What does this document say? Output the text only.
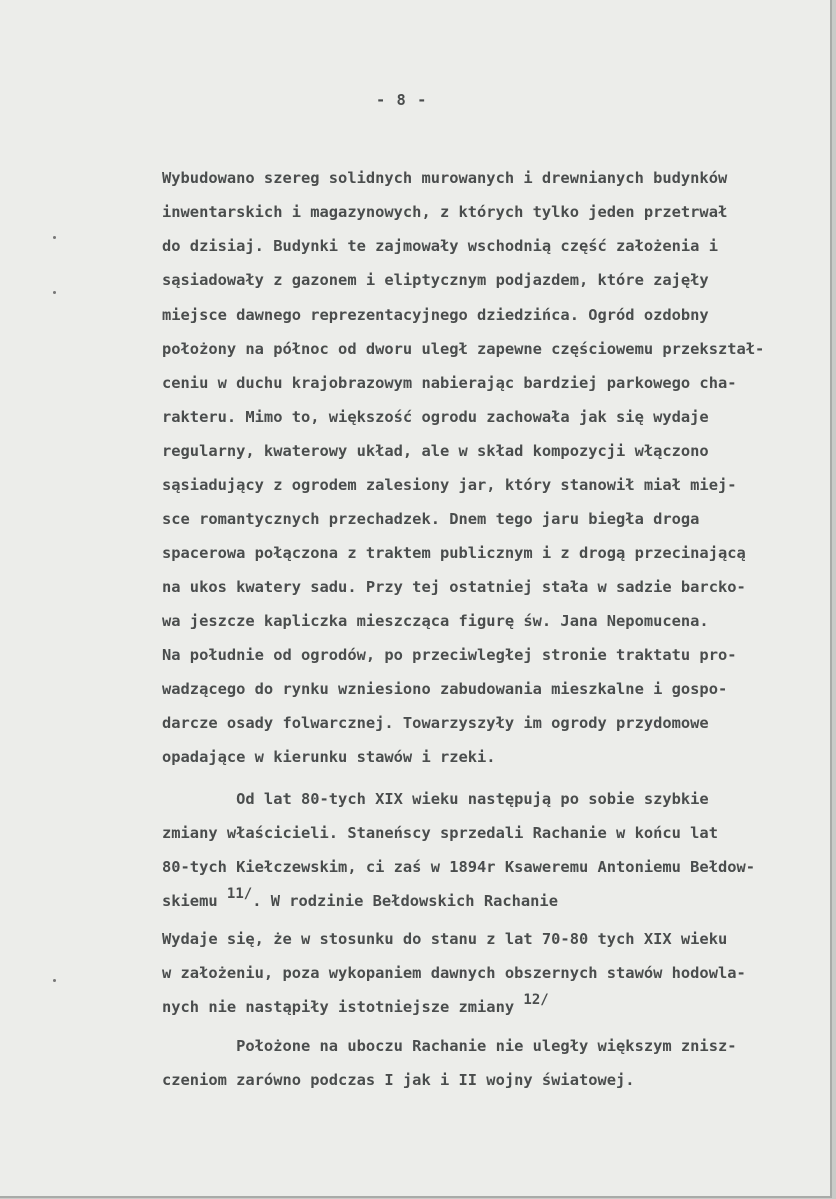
- 8 -
Wybudowano szereg solidnych murowanych i drewnianych budynków
inwentarskich i magazynowych, z których tylko jeden przetrwał
do dzisiaj. Budynki te zajmowały wschodnią część założenia i
sąsiadowały z gazonem i eliptycznym podjazdem, które zajęły
miejsce dawnego reprezentacyjnego dziedzińca. Ogród ozdobny
położony na północ od dworu uległ zapewne częściowemu przekształ-
ceniu w duchu krajobrazowym nabierając bardziej parkowego cha-
rakteru. Mimo to, większość ogrodu zachowała jak się wydaje
regularny, kwaterowy układ, ale w skład kompozycji włączono
sąsiadujący z ogrodem zalesiony jar, który stanowił miał miej-
sce romantycznych przechadzek. Dnem tego jaru biegła droga
spacerowa połączona z traktem publicznym i z drogą przecinającą
na ukos kwatery sadu. Przy tej ostatniej stała w sadzie barcko-
wa jeszcze kapliczka mieszcząca figurę św. Jana Nepomucena.
Na południe od ogrodów, po przeciwległej stronie traktatu pro-
wadzącego do rynku wzniesiono zabudowania mieszkalne i gospo-
darcze osady folwarcznej. Towarzyszyły im ogrody przydomowe
opadające w kierunku stawów i rzeki.
Od lat 80-tych XIX wieku następują po sobie szybkie
zmiany właścicieli. Staneńscy sprzedali Rachanie w końcu lat
80-tych Kiełczewskim, ci zaś w 1894r Ksaweremu Antoniemu Bełdow-
skiemu 11/. W rodzinie Bełdowskich Rachanie
Wydaje się, że w stosunku do stanu z lat 70-80 tych XIX wieku
w założeniu, poza wykopaniem dawnych obszernych stawów hodowla-
nych nie nastąpiły istotniejsze zmiany 12/
Położone na uboczu Rachanie nie uległy większym znisz-
czeniom zarówno podczas I jak i II wojny światowej.
